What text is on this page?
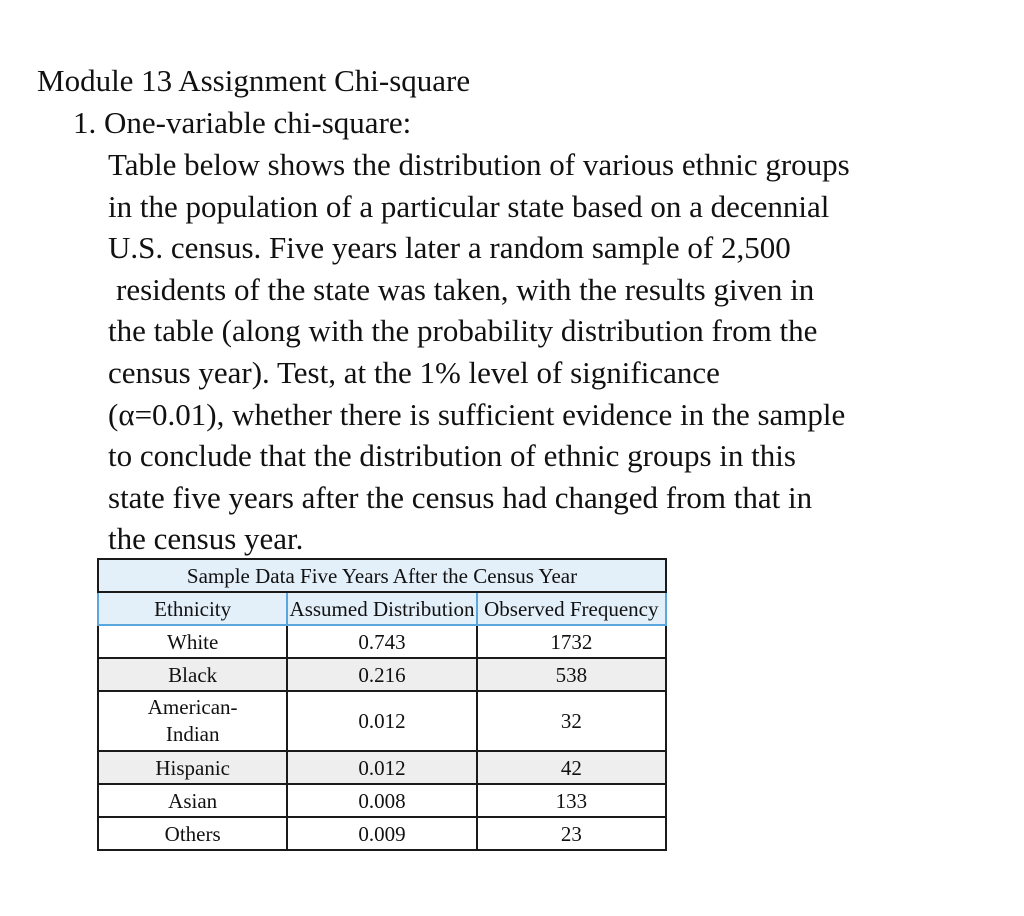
Module 13 Assignment Chi-square
1. One-variable chi-square:
Table below shows the distribution of various ethnic groups
in the population of a particular state based on a decennial
U.S. census. Five years later a random sample of 2,500
residents of the state was taken, with the results given in
the table (along with the probability distribution from the
census year). Test, at the 1% level of significance
(α=0.01), whether there is sufficient evidence in the sample
to conclude that the distribution of ethnic groups in this
state five years after the census had changed from that in
the census year.
Sample Data Five Years After the Census Year		
Ethnicity	Assumed Distribution	Observed Frequency
White	0.743	1732
Black	0.216	538

American-
Indian	0.012	32
Hispanic	0.012	42
Asian	0.008	133
Others	0.009	23
